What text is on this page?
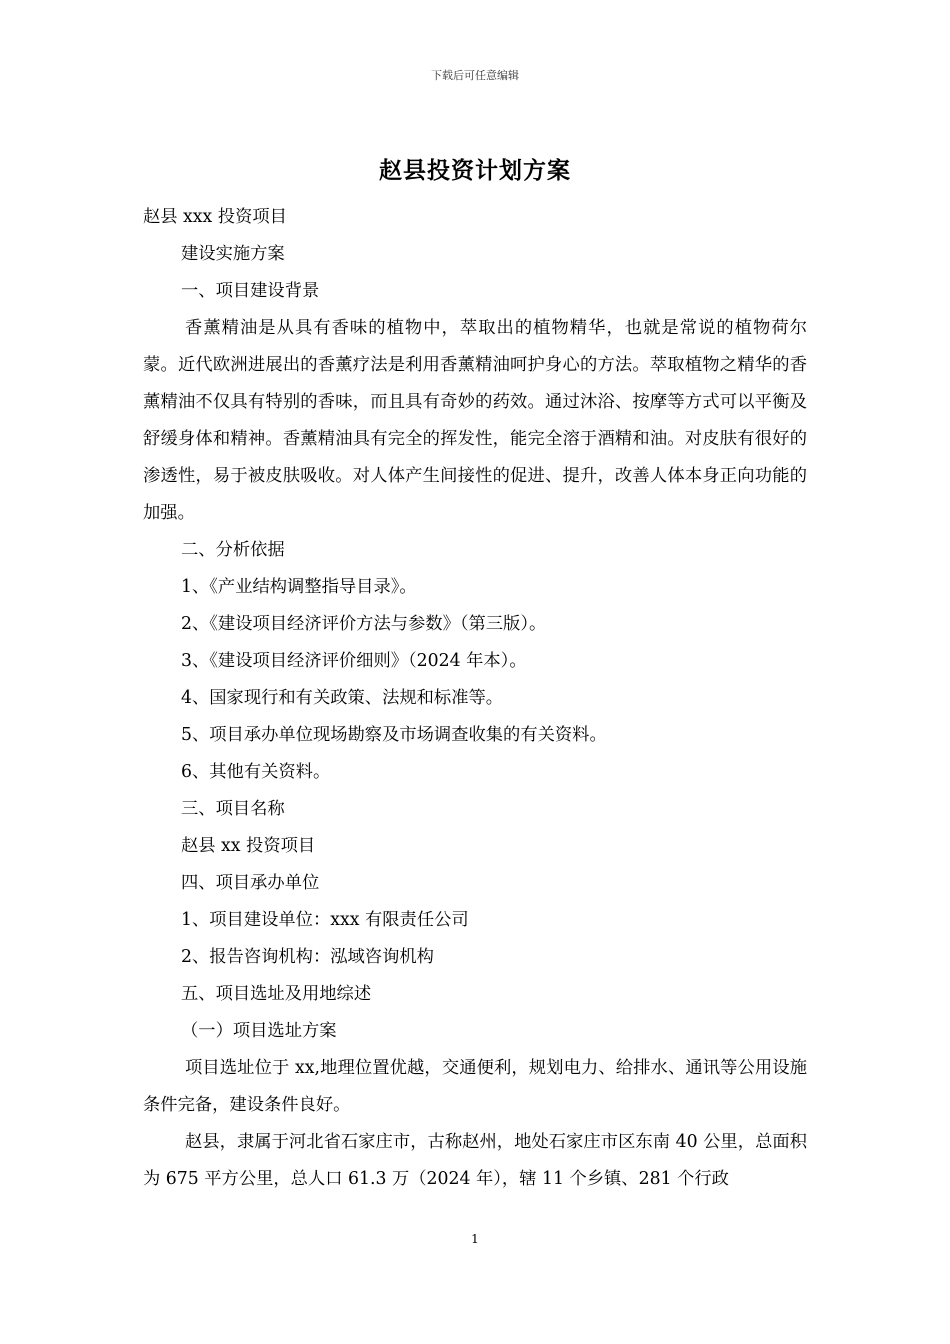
下载后可任意编辑
赵县投资计划方案

赵县 xxx 投资项目

建设实施方案

一、项目建设背景

香薰精油是从具有香味的植物中，萃取出的植物精华，也就是常说的植物荷尔蒙。近代欧洲进展出的香薰疗法是利用香薰精油呵护身心的方法。萃取植物之精华的香薰精油不仅具有特别的香味，而且具有奇妙的药效。通过沐浴、按摩等方式可以平衡及舒缓身体和精神。香薰精油具有完全的挥发性，能完全溶于酒精和油。对皮肤有很好的渗透性，易于被皮肤吸收。对人体产生间接性的促进、提升，改善人体本身正向功能的加强。

二、分析依据

1、《产业结构调整指导目录》。

2、《建设项目经济评价方法与参数》（第三版）。

3、《建设项目经济评价细则》（2024 年本）。

4、国家现行和有关政策、法规和标准等。

5、项目承办单位现场勘察及市场调查收集的有关资料。

6、其他有关资料。

三、项目名称

赵县 xx 投资项目

四、项目承办单位

1、项目建设单位：xxx 有限责任公司

2、报告咨询机构：泓域咨询机构

五、项目选址及用地综述

（一）项目选址方案

项目选址位于 xx,地理位置优越，交通便利，规划电力、给排水、通讯等公用设施条件完备，建设条件良好。

赵县，隶属于河北省石家庄市，古称赵州，地处石家庄市区东南 40 公里，总面积为 675 平方公里，总人口 61.3 万（2024 年），辖 11 个乡镇、281 个行政

1
